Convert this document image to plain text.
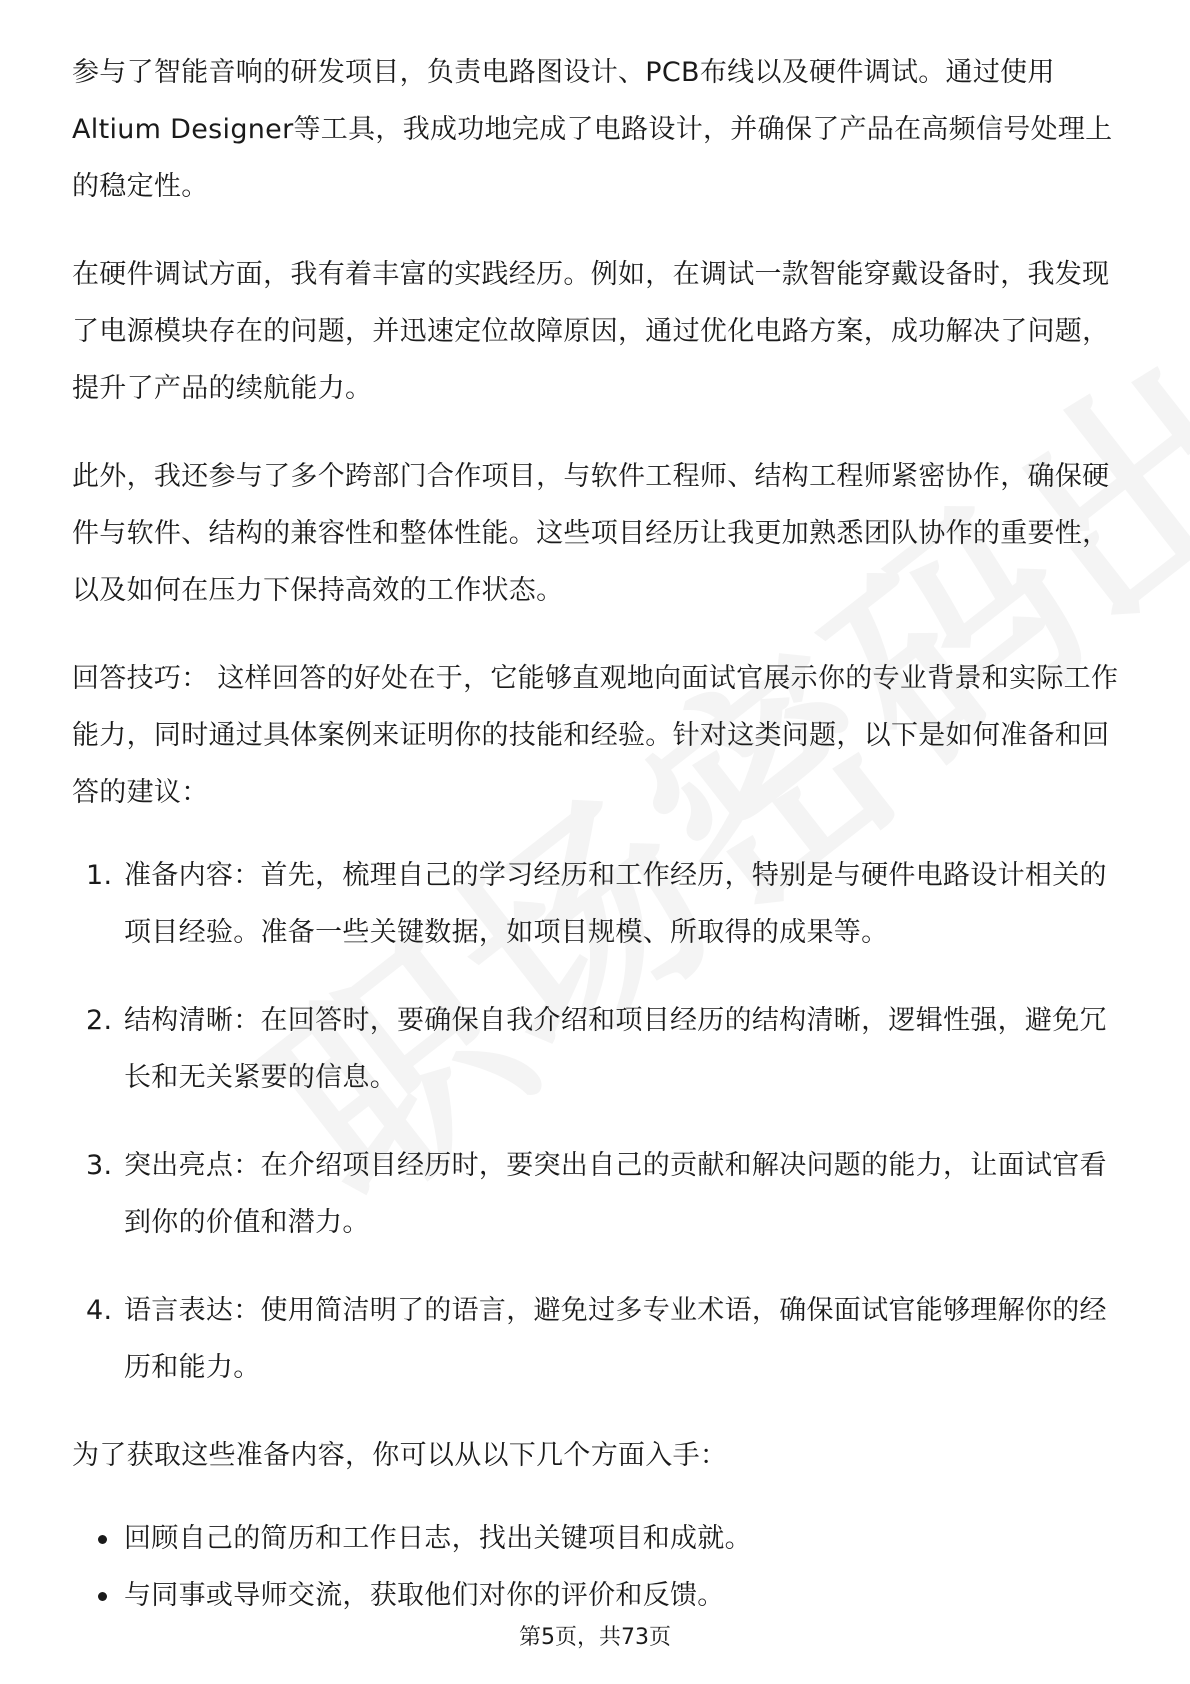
参与了智能音响的研发项目，负责电路图设计、PCB布线以及硬件调试。通过使用Altium Designer等工具，我成功地完成了电路设计，并确保了产品在高频信号处理上的稳定性。

在硬件调试方面，我有着丰富的实践经历。例如，在调试一款智能穿戴设备时，我发现了电源模块存在的问题，并迅速定位故障原因，通过优化电路方案，成功解决了问题，提升了产品的续航能力。

此外，我还参与了多个跨部门合作项目，与软件工程师、结构工程师紧密协作，确保硬件与软件、结构的兼容性和整体性能。这些项目经历让我更加熟悉团队协作的重要性，以及如何在压力下保持高效的工作状态。

回答技巧： 这样回答的好处在于，它能够直观地向面试官展示你的专业背景和实际工作能力，同时通过具体案例来证明你的技能和经验。针对这类问题，以下是如何准备和回答的建议：

1. 准备内容：首先，梳理自己的学习经历和工作经历，特别是与硬件电路设计相关的项目经验。准备一些关键数据，如项目规模、所取得的成果等。
2. 结构清晰：在回答时，要确保自我介绍和项目经历的结构清晰，逻辑性强，避免冗长和无关紧要的信息。
3. 突出亮点：在介绍项目经历时，要突出自己的贡献和解决问题的能力，让面试官看到你的价值和潜力。
4. 语言表达：使用简洁明了的语言，避免过多专业术语，确保面试官能够理解你的经历和能力。

为了获取这些准备内容，你可以从以下几个方面入手：

回顾自己的简历和工作日志，找出关键项目和成就。
与同事或导师交流，获取他们对你的评价和反馈。
第5页，共73页
